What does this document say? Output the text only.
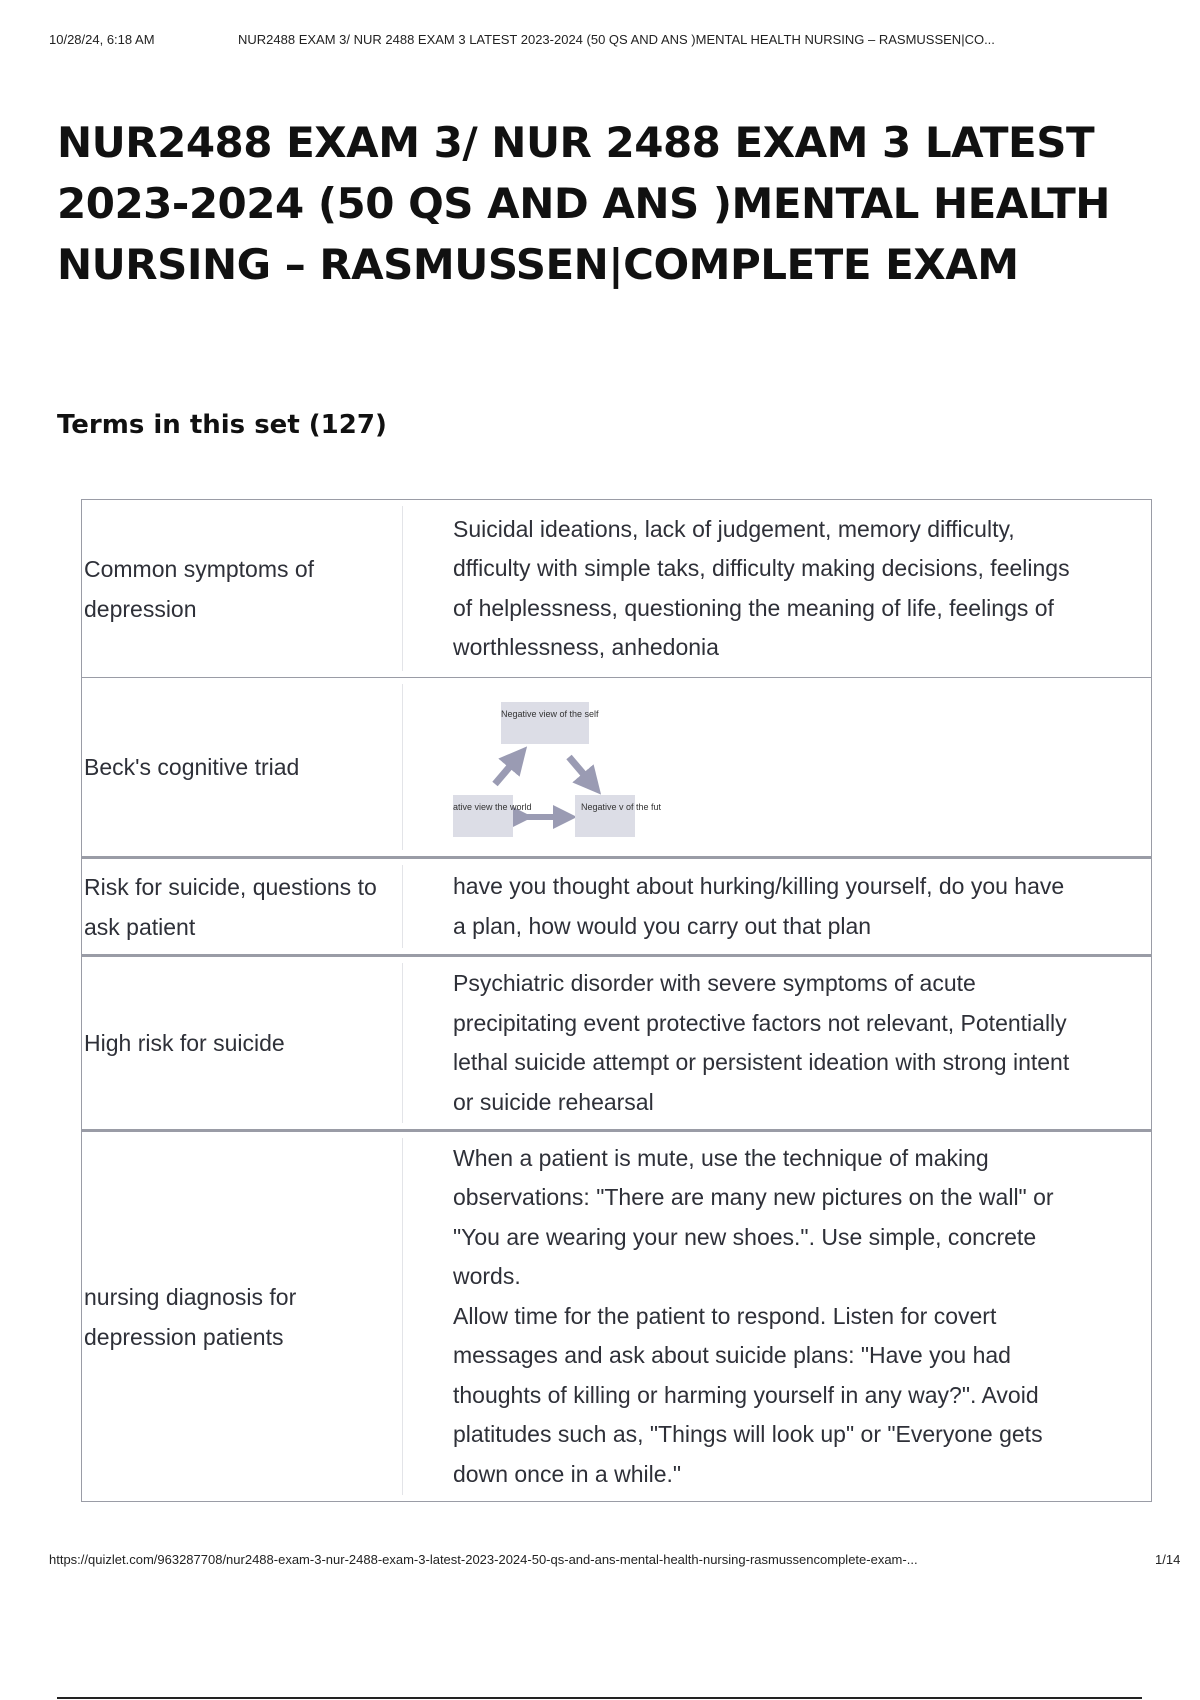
10/28/24, 6:18 AM	NUR2488 EXAM 3/ NUR 2488 EXAM 3 LATEST 2023-2024 (50 QS AND ANS )MENTAL HEALTH NURSING – RASMUSSEN|CO...
NUR2488 EXAM 3/ NUR 2488 EXAM 3 LATEST 2023-2024 (50 QS AND ANS )MENTAL HEALTH NURSING – RASMUSSEN|COMPLETE EXAM
Terms in this set (127)
Common symptoms of depression
Suicidal ideations, lack of judgement, memory difficulty, dfficulty with simple taks, difficulty making decisions, feelings of helplessness, questioning the meaning of life, feelings of worthlessness, anhedonia
Beck's cognitive triad

Negative view of the self

ative view the world	Negative v of the fut

Risk for suicide, questions to ask patient
have you thought about hurking/killing yourself, do you have a plan, how would you carry out that plan
High risk for suicide
Psychiatric disorder with severe symptoms of acute precipitating event protective factors not relevant, Potentially lethal suicide attempt or persistent ideation with strong intent or suicide rehearsal
nursing diagnosis for depression patients
When a patient is mute, use the technique of making observations: "There are many new pictures on the wall" or "You are wearing your new shoes.". Use simple, concrete words.
Allow time for the patient to respond. Listen for covert messages and ask about suicide plans: "Have you had thoughts of killing or harming yourself in any way?". Avoid platitudes such as, "Things will look up" or "Everyone gets down once in a while."
https://quizlet.com/963287708/nur2488-exam-3-nur-2488-exam-3-latest-2023-2024-50-qs-and-ans-mental-health-nursing-rasmussencomplete-exam-...	1/14
